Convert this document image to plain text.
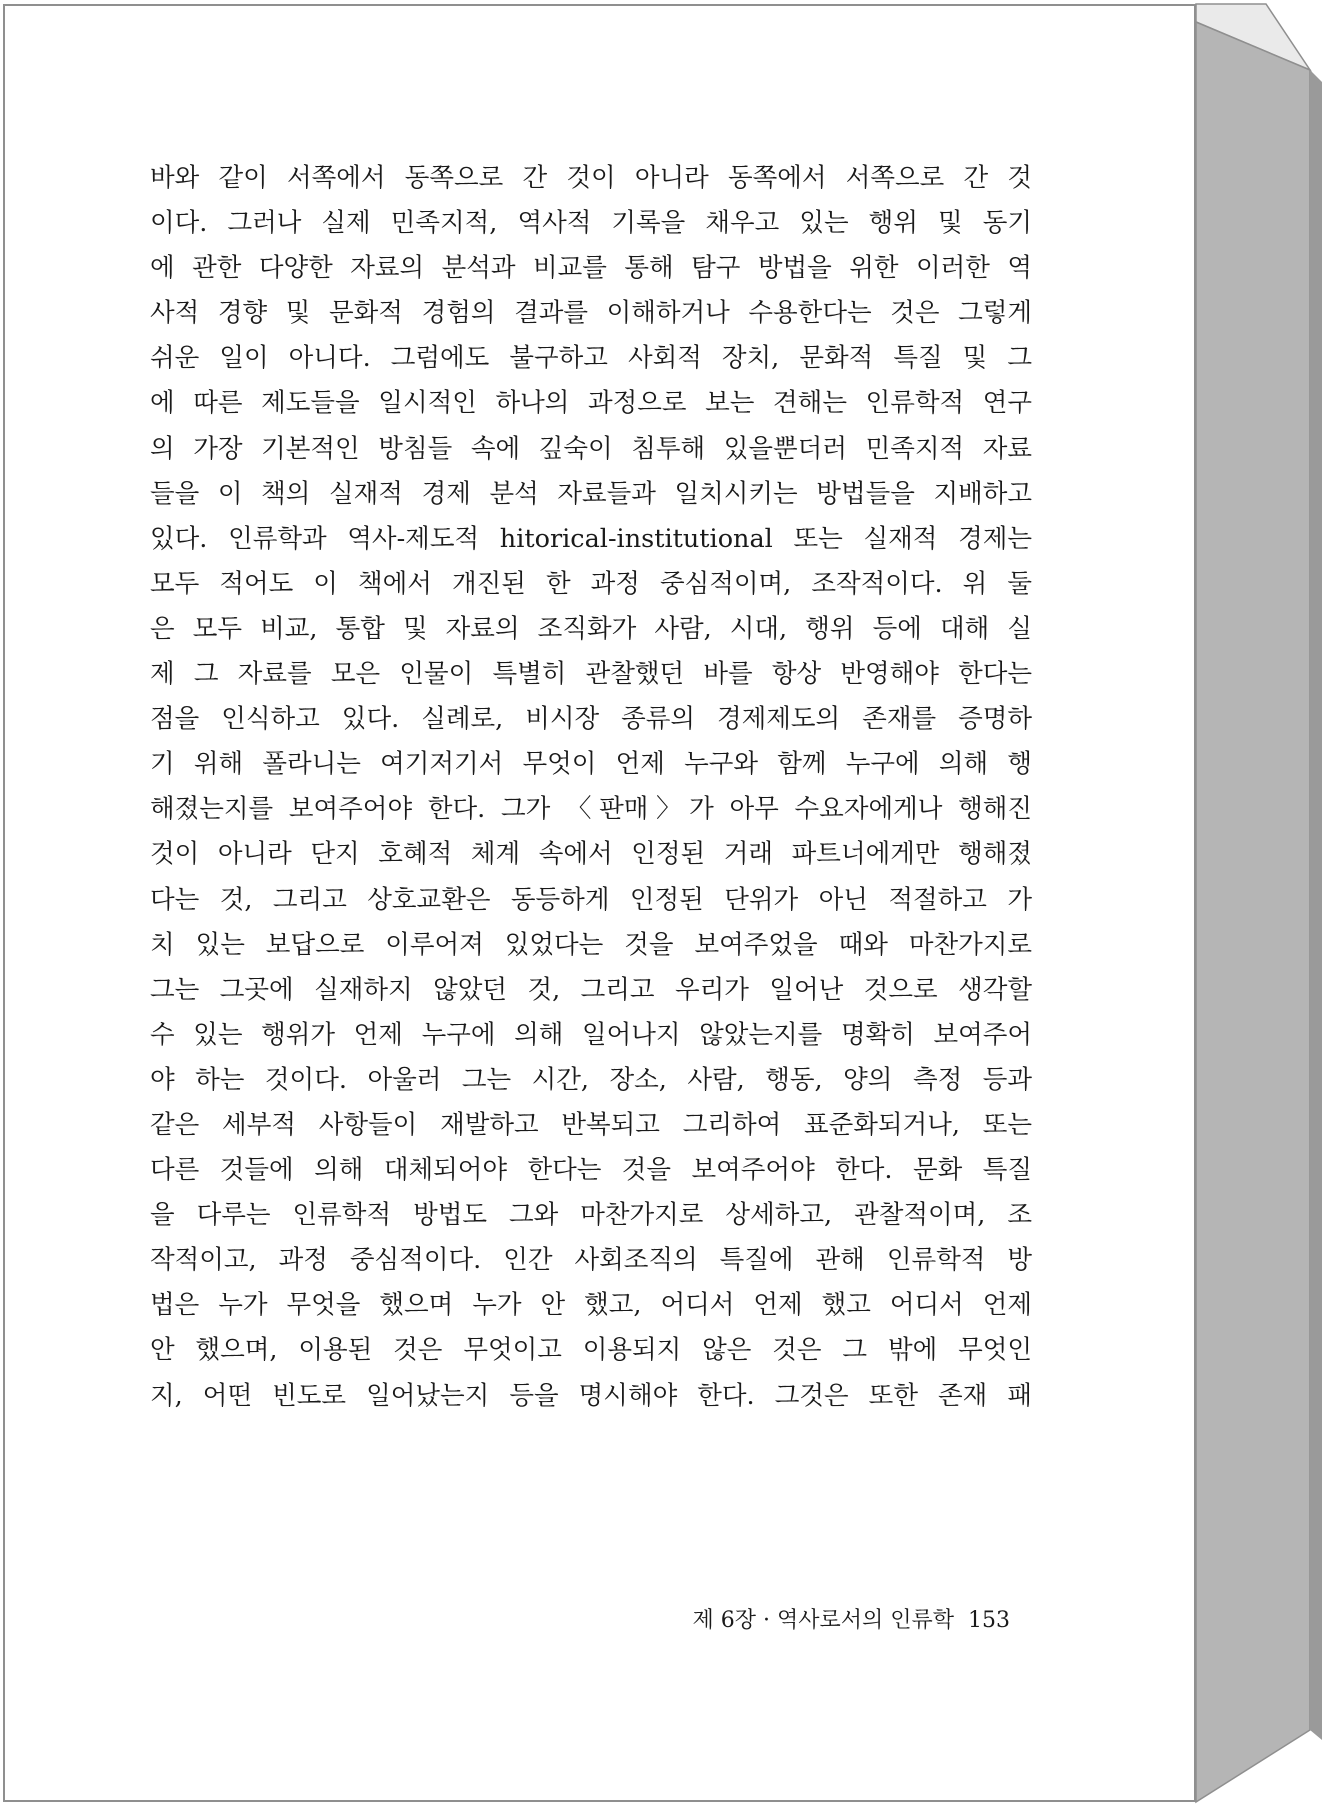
바와 같이 서쪽에서 동쪽으로 간 것이 아니라 동쪽에서 서쪽으로 간 것
이다. 그러나 실제 민족지적, 역사적 기록을 채우고 있는 행위 및 동기
에 관한 다양한 자료의 분석과 비교를 통해 탐구 방법을 위한 이러한 역
사적 경향 및 문화적 경험의 결과를 이해하거나 수용한다는 것은 그렇게
쉬운 일이 아니다. 그럼에도 불구하고 사회적 장치, 문화적 특질 및 그
에 따른 제도들을 일시적인 하나의 과정으로 보는 견해는 인류학적 연구
의 가장 기본적인 방침들 속에 깊숙이 침투해 있을뿐더러 민족지적 자료
들을 이 책의 실재적 경제 분석 자료들과 일치시키는 방법들을 지배하고
있다. 인류학과 역사-제도적 hitorical-institutional 또는 실재적 경제는
모두 적어도 이 책에서 개진된 한 과정 중심적이며, 조작적이다. 위 둘
은 모두 비교, 통합 및 자료의 조직화가 사람, 시대, 행위 등에 대해 실
제 그 자료를 모은 인물이 특별히 관찰했던 바를 항상 반영해야 한다는
점을 인식하고 있다. 실례로, 비시장 종류의 경제제도의 존재를 증명하
기 위해 폴라니는 여기저기서 무엇이 언제 누구와 함께 누구에 의해 행
해졌는지를 보여주어야 한다. 그가 〈판매〉가 아무 수요자에게나 행해진
것이 아니라 단지 호혜적 체계 속에서 인정된 거래 파트너에게만 행해졌
다는 것, 그리고 상호교환은 동등하게 인정된 단위가 아닌 적절하고 가
치 있는 보답으로 이루어져 있었다는 것을 보여주었을 때와 마찬가지로
그는 그곳에 실재하지 않았던 것, 그리고 우리가 일어난 것으로 생각할
수 있는 행위가 언제 누구에 의해 일어나지 않았는지를 명확히 보여주어
야 하는 것이다. 아울러 그는 시간, 장소, 사람, 행동, 양의 측정 등과
같은 세부적 사항들이 재발하고 반복되고 그리하여 표준화되거나, 또는
다른 것들에 의해 대체되어야 한다는 것을 보여주어야 한다. 문화 특질
을 다루는 인류학적 방법도 그와 마찬가지로 상세하고, 관찰적이며, 조
작적이고, 과정 중심적이다. 인간 사회조직의 특질에 관해 인류학적 방
법은 누가 무엇을 했으며 누가 안 했고, 어디서 언제 했고 어디서 언제
안 했으며, 이용된 것은 무엇이고 이용되지 않은 것은 그 밖에 무엇인
지, 어떤 빈도로 일어났는지 등을 명시해야 한다. 그것은 또한 존재 패
제 6장 · 역사로서의 인류학 153
